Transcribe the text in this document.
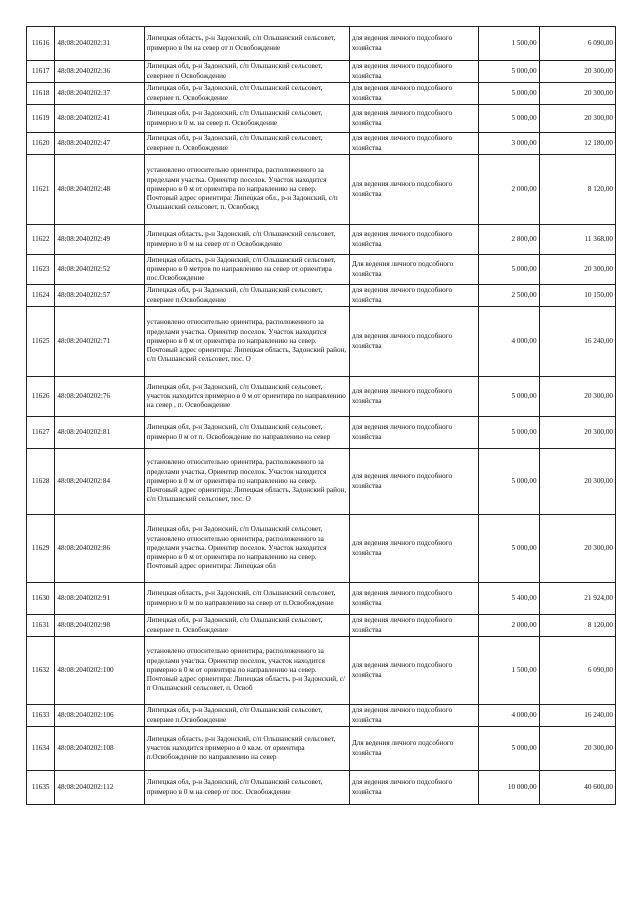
11616	48:08:2040202:31	Липецкая область, р-н Задонский, с/п Ольшанский сельсовет, примерно в 0м на север от п Освобождение	для ведения личного подсобного хозяйства	1 500,00	6 090,00
11617	48:08:2040202:36	Липецкая обл, р-н Задонский, с/п Ольшанский сельсовет, севернее п Освобождение	для ведения личного подсобного хозяйства	5 000,00	20 300,00
11618	48:08:2040202:37	Липецкая обл, р-н Задонский, с/п Ольшанский сельсовет, севернее п. Освобождение	для ведения личного подсобного хозяйства	5 000,00	20 300,00
11619	48:08:2040202:41	Липецкая обл, р-н Задонский, с/п Ольшанский сельсовет, примерно в 0 м. на север п. Освобождение	для ведения личного подсобного хозяйства	5 000,00	20 300,00
11620	48:08:2040202:47	Липецкая обл, р-н Задонский, с/п Ольшанский сельсовет, севернее п. Освобождение	для ведения личного подсобного хозяйства	3 000,00	12 180,00
11621	48:08:2040202:48	установлено относительно ориентира, расположенного за пределами участка. Ориентир поселок. Участок находится примерно в 0 м от ориентира по направлению на север. Почтовый адрес ориентира: Липецкая обл., р-н Задонский, с/п Ольшанский сельсовет, п. Освобожд	для ведения личного подсобного хозяйства	2 000,00	8 120,00
11622	48:08:2040202:49	Липецкая область, р-н Задонский, с/п Ольшанский сельсовет, примерно в 0 м на север от п Освобождение	для ведения личного подсобного хозяйства	2 800,00	11 368,00
11623	48:08:2040202:52	Липецкая область, р-н Задонский, с/п Ольшанский сельсовет, примерно в 0 метров по направлению на север от ориентира пос.Освобождение	Для ведения личного подсобного хозяйства	5 000,00	20 300,00
11624	48:08:2040202:57	Липецкая обл, р-н Задонский, с/п Ольшанский сельсовет, севернее п.Освобождение	для ведения личного подсобного хозяйства	2 500,00	10 150,00
11625	48:08:2040202:71	установлено относительно ориентира, расположенного за пределами участка. Ориентир поселок. Участок находится примерно в 0 м от ориентира по направлению на север. Почтовый адрес ориентира: Липецкая область, Задонский район, с/п Ольшанский сельсовет, пос. О	для ведения личного подсобного хозяйства	4 000,00	16 240,00
11626	48:08:2040202:76	Липецкая обл, р-н Задонский, с/п Ольшанский сельсовет, участок находится примерно в 0 м от ориентира по направлению на север , п. Освобождение	для ведения личного подсобного хозяйства	5 000,00	20 300,00
11627	48:08:2040202:81	Липецкая обл, р-н Задонский, с/п Ольшанский сельсовет, примерно 0 м от п. Освобождение по направлению на север	для ведения личного подсобного хозяйства	5 000,00	20 300,00
11628	48:08:2040202:84	установлено относительно ориентира, расположенного за пределами участка. Ориентир поселок. Участок находится примерно в 0 м от ориентира по направлению на север. Почтовый адрес ориентира: Липецкая область, Задонский район, с/п Ольшанский сельсовет, пос. О	для ведения личного подсобного хозяйства	5 000,00	20 300,00
11629	48:08:2040202:86	Липецкая обл, р-н Задонский, с/п Ольшанский сельсовет, установлено относительно ориентира, расположенного за пределами участка. Ориентир поселок. Участок находится примерно в 0 м от ориентира по направлению на север. Почтовый адрес ориентира: Липецкая обл	для ведения личного подсобного хозяйства	5 000,00	20 300,00
11630	48:08:2040202:91	Липецкая область, р-н Задонский, с/п Ольшанский сельсовет, примерно в 0 м по направлению на север от п.Освобождение	для ведения личного подсобного хозяйства	5 400,00	21 924,00
11631	48:08:2040202:98	Липецкая обл, р-н Задонский, с/п Ольшанский сельсовет, севернее п. Освобождение	для ведения личного подсобного хозяйства	2 000,00	8 120,00
11632	48:08:2040202:100	установлено относительно ориентира, расположенного за пределами участка. Ориентир поселок, участок находится примерно в 0 м от ориентира по направлению на север. Почтовый адрес ориентира: Липецкая область, р-н Задонский, с/п Ольшанский сельсовет, п. Освоб	для ведения личного подсобного хозяйства	1 500,00	6 090,00
11633	48:08:2040202:106	Липецкая обл, р-н Задонский, с/п Ольшанский сельсовет, севернее п.Освобождение	для ведения личного подсобного хозяйства	4 000,00	16 240,00
11634	48:08:2040202:108	Липецкая область, р-н Задонский, с/п Ольшанский сельсовет, участок находится примерно в 0 кв.м. от ориентира п.Освобождение по направлению на север	Для ведения личного подсобного хозяйства	5 000,00	20 300,00
11635	48:08:2040202:112	Липецкая обл, р-н Задонский, с/п Ольшанский сельсовет, примерно в 0 м на север от пос. Освобождение	для ведения личного подсобного хозяйства	10 000,00	40 600,00
